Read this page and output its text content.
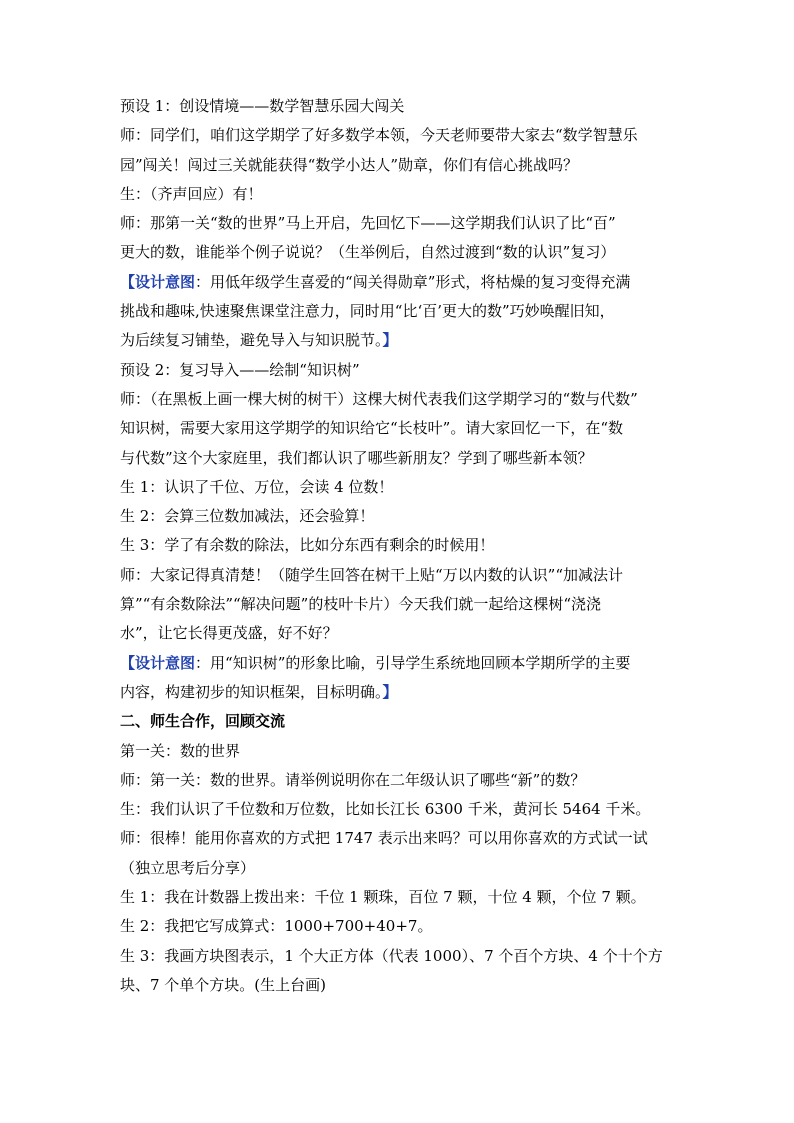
预设 1：创设情境——数学智慧乐园大闯关
师：同学们，咱们这学期学了好多数学本领，今天老师要带大家去“数学智慧乐
园”闯关！闯过三关就能获得“数学小达人”勋章，你们有信心挑战吗？
生：（齐声回应）有！
师：那第一关“数的世界”马上开启，先回忆下——这学期我们认识了比“百”
更大的数，谁能举个例子说说？（生举例后，自然过渡到“数的认识”复习）
【设计意图：用低年级学生喜爱的“闯关得勋章”形式，将枯燥的复习变得充满
挑战和趣味,快速聚焦课堂注意力，同时用“比‘百’更大的数”巧妙唤醒旧知，
为后续复习铺垫，避免导入与知识脱节。】
预设 2：复习导入——绘制“知识树”
师：（在黑板上画一棵大树的树干）这棵大树代表我们这学期学习的“数与代数”
知识树，需要大家用这学期学的知识给它“长枝叶”。请大家回忆一下，在“数
与代数”这个大家庭里，我们都认识了哪些新朋友？学到了哪些新本领？
生 1：认识了千位、万位，会读 4 位数！
生 2：会算三位数加减法，还会验算！
生 3：学了有余数的除法，比如分东西有剩余的时候用！
师：大家记得真清楚！（随学生回答在树干上贴“万以内数的认识”“加减法计
算”“有余数除法”“解决问题”的枝叶卡片）今天我们就一起给这棵树“浇浇
水”，让它长得更茂盛，好不好？
【设计意图：用“知识树”的形象比喻，引导学生系统地回顾本学期所学的主要
内容，构建初步的知识框架，目标明确。】
二、师生合作，回顾交流
第一关：数的世界
师：第一关：数的世界。请举例说明你在二年级认识了哪些“新”的数？
生：我们认识了千位数和万位数，比如长江长 6300 千米，黄河长 5464 千米。
师：很棒！能用你喜欢的方式把 1747 表示出来吗？可以用你喜欢的方式试一试
（独立思考后分享）
生 1：我在计数器上拨出来：千位 1 颗珠，百位 7 颗，十位 4 颗，个位 7 颗。
生 2：我把它写成算式：1000+700+40+7。
生 3：我画方块图表示，1 个大正方体（代表 1000）、7 个百个方块、4 个十个方
块、7 个单个方块。(生上台画)
